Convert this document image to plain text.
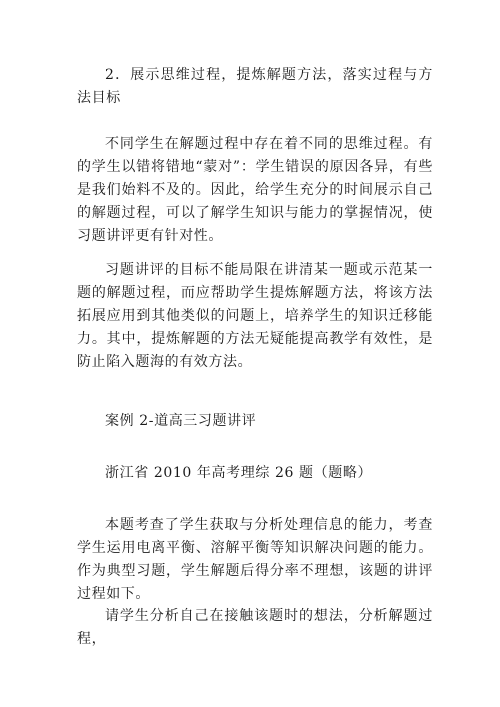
2．展示思维过程，提炼解题方法，落实过程与方法目标

不同学生在解题过程中存在着不同的思维过程。有的学生以错将错地“蒙对”：学生错误的原因各异，有些是我们始料不及的。因此，给学生充分的时间展示自己的解题过程，可以了解学生知识与能力的掌握情况，使习题讲评更有针对性。

习题讲评的目标不能局限在讲清某一题或示范某一题的解题过程，而应帮助学生提炼解题方法，将该方法拓展应用到其他类似的问题上，培养学生的知识迁移能力。其中，提炼解题的方法无疑能提高教学有效性，是防止陷入题海的有效方法。

案例 2-道高三习题讲评

浙江省 2010 年高考理综 26 题（题略）

本题考查了学生获取与分析处理信息的能力，考查学生运用电离平衡、溶解平衡等知识解决问题的能力。作为典型习题，学生解题后得分率不理想，该题的讲评过程如下。

请学生分析自己在接触该题时的想法，分析解题过程，
